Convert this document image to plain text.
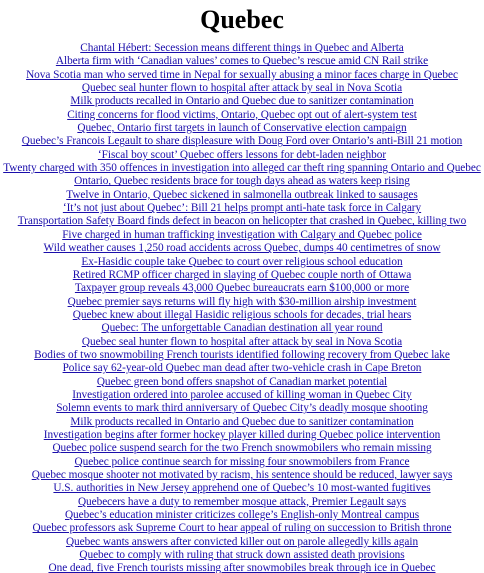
Quebec
Chantal Hébert: Secession means different things in Quebec and Alberta
Alberta firm with ‘Canadian values’ comes to Quebec’s rescue amid CN Rail strike
Nova Scotia man who served time in Nepal for sexually abusing a minor faces charge in Quebec
Quebec seal hunter flown to hospital after attack by seal in Nova Scotia
Milk products recalled in Ontario and Quebec due to sanitizer contamination
Citing concerns for flood victims, Ontario, Quebec opt out of alert-system test
Quebec, Ontario first targets in launch of Conservative election campaign
Quebec’s Francois Legault to share displeasure with Doug Ford over Ontario’s anti-Bill 21 motion
‘Fiscal boy scout’ Quebec offers lessons for debt-laden neighbor
Twenty charged with 350 offences in investigation into alleged car theft ring spanning Ontario and Quebec
Ontario, Quebec residents brace for tough days ahead as waters keep rising
Twelve in Ontario, Quebec sickened in salmonella outbreak linked to sausages
‘It’s not just about Quebec’: Bill 21 helps prompt anti-hate task force in Calgary
Transportation Safety Board finds defect in beacon on helicopter that crashed in Quebec, killing two
Five charged in human trafficking investigation with Calgary and Quebec police
Wild weather causes 1,250 road accidents across Quebec, dumps 40 centimetres of snow
Ex-Hasidic couple take Quebec to court over religious school education
Retired RCMP officer charged in slaying of Quebec couple north of Ottawa
Taxpayer group reveals 43,000 Quebec bureaucrats earn $100,000 or more
Quebec premier says returns will fly high with $30-million airship investment
Quebec knew about illegal Hasidic religious schools for decades, trial hears
Quebec: The unforgettable Canadian destination all year round
Quebec seal hunter flown to hospital after attack by seal in Nova Scotia
Bodies of two snowmobiling French tourists identified following recovery from Quebec lake
Police say 62-year-old Quebec man dead after two-vehicle crash in Cape Breton
Quebec green bond offers snapshot of Canadian market potential
Investigation ordered into parolee accused of killing woman in Quebec City
Solemn events to mark third anniversary of Quebec City’s deadly mosque shooting
Milk products recalled in Ontario and Quebec due to sanitizer contamination
Investigation begins after former hockey player killed during Quebec police intervention
Quebec police suspend search for the two French snowmobilers who remain missing
Quebec police continue search for missing four snowmobilers from France
Quebec mosque shooter not motivated by racism, his sentence should be reduced, lawyer says
U.S. authorities in New Jersey apprehend one of Quebec’s 10 most-wanted fugitives
Quebecers have a duty to remember mosque attack, Premier Legault says
Quebec’s education minister criticizes college’s English-only Montreal campus
Quebec professors ask Supreme Court to hear appeal of ruling on succession to British throne
Quebec wants answers after convicted killer out on parole allegedly kills again
Quebec to comply with ruling that struck down assisted death provisions
One dead, five French tourists missing after snowmobiles break through ice in Quebec
